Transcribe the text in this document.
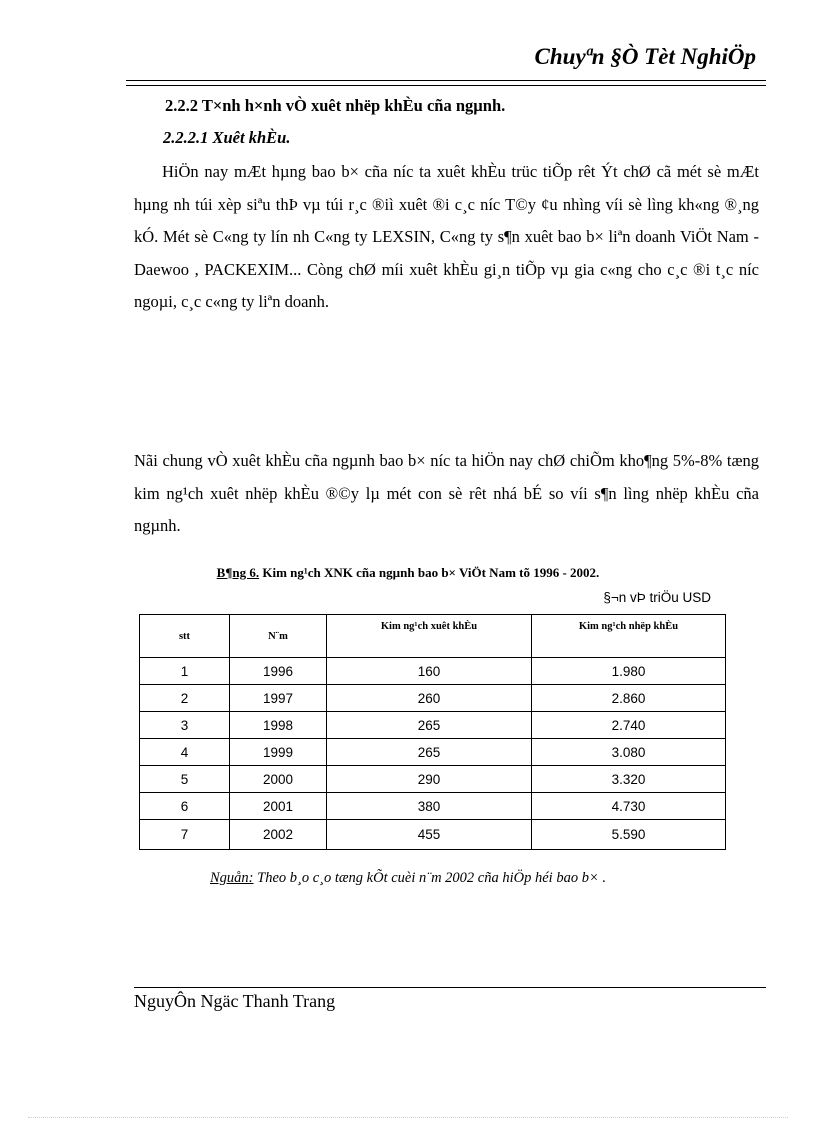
Chuyªn §Ò Tèt NghiÖp
2.2.2 T×nh h×nh vÒ xuêt nhëp khÈu cña ngµnh.
2.2.2.1 Xuêt khÈu.

HiÖn nay mÆt hµng bao b× cña níc ta xuêt khÈu trüc tiÕp rêt Ýt chØ cã mét sè mÆt hµng nh túi xèp siªu thÞ vµ túi r¸c ®iì xuêt ®i c¸c níc T©y ¢u nhìng víi sè lìng kh«ng ®¸ng kÓ. Mét sè C«ng ty lín nh C«ng ty LEXSIN, C«ng ty s¶n xuêt bao b× liªn doanh ViÖt Nam - Daewoo , PACKEXIM... Còng chØ míi xuêt khÈu gi¸n tiÕp vµ gia c«ng cho c¸c ®i t¸c níc ngoµi, c¸c c«ng ty liªn doanh.

Nãi chung vÒ xuêt khÈu cña ngµnh bao b× níc ta hiÖn nay chØ chiÕm kho¶ng 5%-8% tæng kim ng¹ch xuêt nhëp khÈu ®©y lµ mét con sè rêt nhá bÉ so víi s¶n lìng nhëp khÈu cña ngµnh.

B¶ng 6. Kim ng¹ch XNK cña ngµnh bao b× ViÖt Nam tõ 1996 - 2002.
§¬n vÞ triÖu USD
stt	N¨m	Kim ng¹ch xuêt khÈu	Kim ng¹ch nhëp khÈu
1	1996	160	1.980
2	1997	260	2.860
3	1998	265	2.740
4	1999	265	3.080
5	2000	290	3.320
6	2001	380	4.730
7	2002	455	5.590
Nguån: Theo b¸o c¸o tæng kÕt cuèi n¨m 2002 cña hiÖp héi bao b× .
NguyÔn Ngäc Thanh Trang
